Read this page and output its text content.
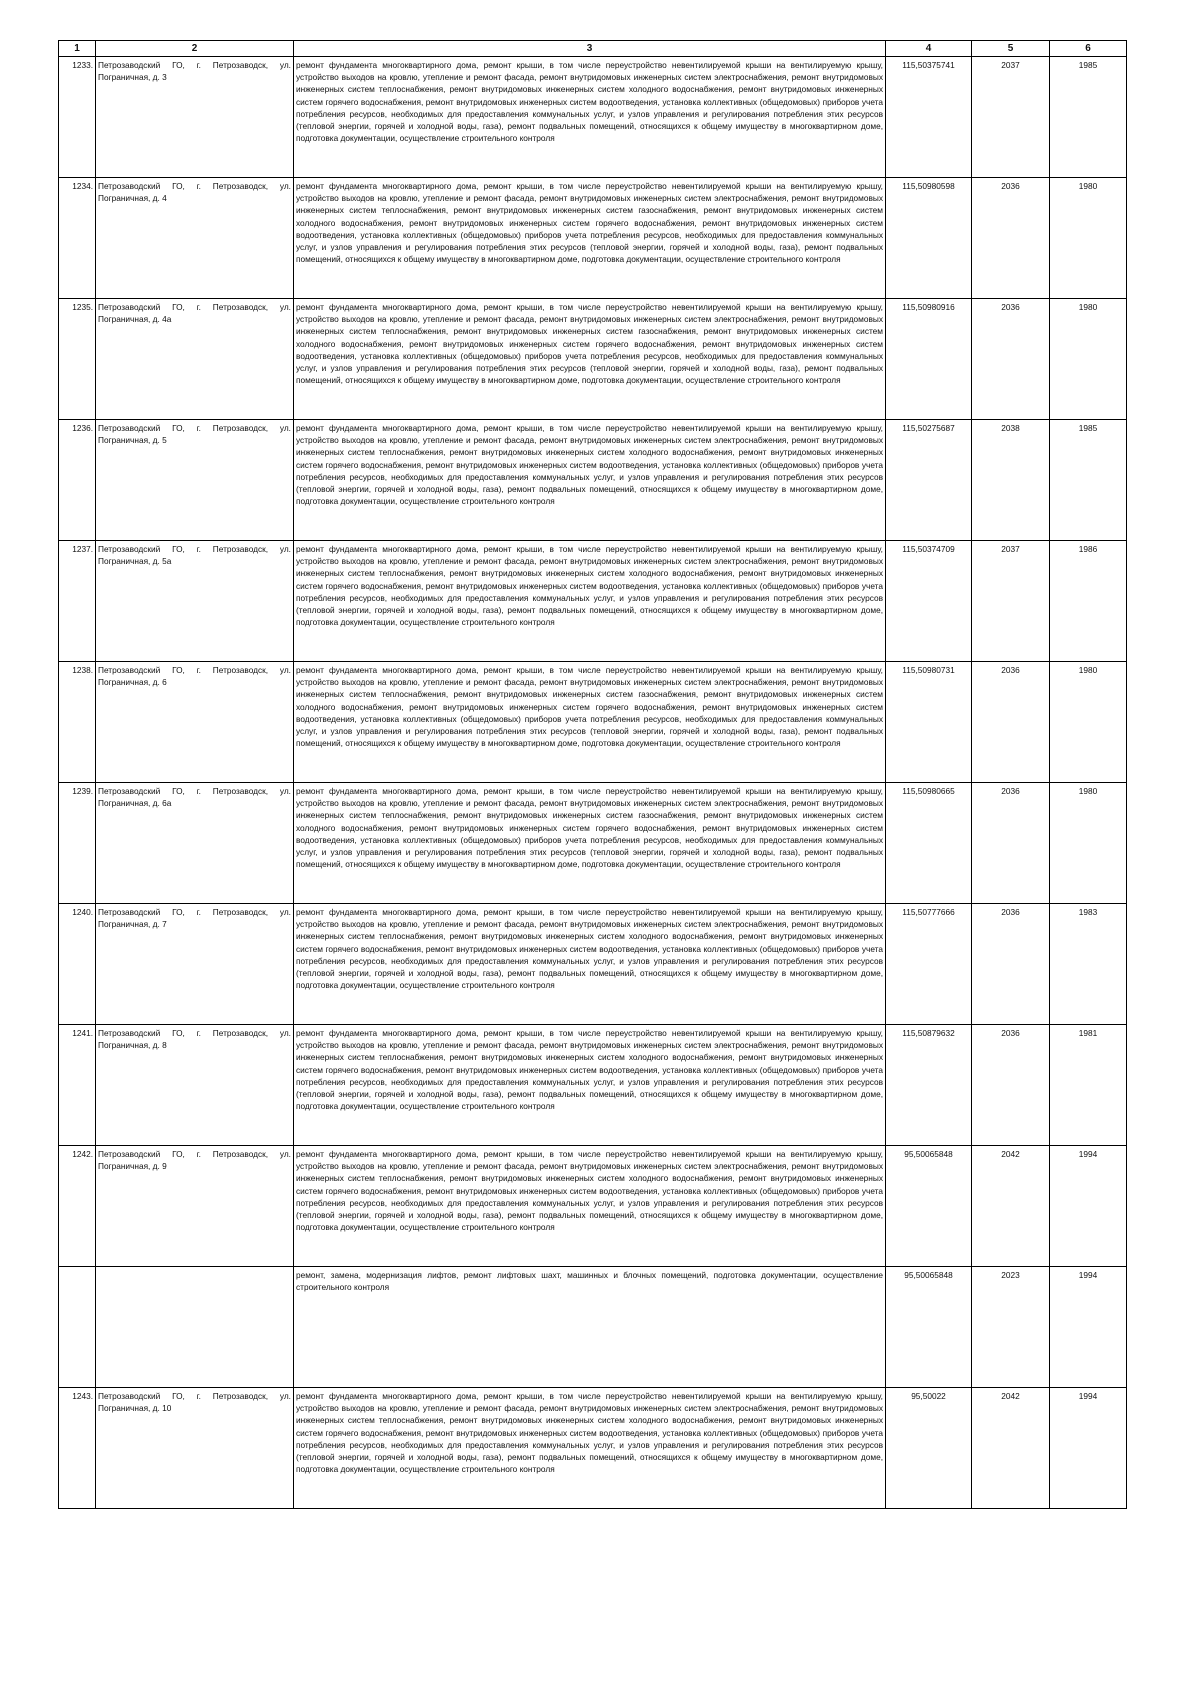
1	2	3	4	5	6
1233.	Петрозаводский ГО, г. Петрозаводск, ул. Пограничная, д. 3	ремонт фундамента многоквартирного дома, ремонт крыши, в том числе переустройство невентилируемой крыши на вентилируемую крышу, устройство выходов на кровлю, утепление и ремонт фасада, ремонт внутридомовых инженерных систем электроснабжения, ремонт внутридомовых инженерных систем теплоснабжения, ремонт внутридомовых инженерных систем холодного водоснабжения, ремонт внутридомовых инженерных систем горячего водоснабжения, ремонт внутридомовых инженерных систем водоотведения, установка коллективных (общедомовых) приборов учета потребления ресурсов, необходимых для предоставления коммунальных услуг, и узлов управления и регулирования потребления этих ресурсов (тепловой энергии, горячей и холодной воды, газа), ремонт подвальных помещений, относящихся к общему имуществу в многоквартирном доме, подготовка документации, осуществление строительного контроля	115,50375741	2037	1985
1234.	Петрозаводский ГО, г. Петрозаводск, ул. Пограничная, д. 4	ремонт фундамента многоквартирного дома, ремонт крыши, в том числе переустройство невентилируемой крыши на вентилируемую крышу, устройство выходов на кровлю, утепление и ремонт фасада, ремонт внутридомовых инженерных систем электроснабжения, ремонт внутридомовых инженерных систем теплоснабжения, ремонт внутридомовых инженерных систем газоснабжения, ремонт внутридомовых инженерных систем холодного водоснабжения, ремонт внутридомовых инженерных систем горячего водоснабжения, ремонт внутридомовых инженерных систем водоотведения, установка коллективных (общедомовых) приборов учета потребления ресурсов, необходимых для предоставления коммунальных услуг, и узлов управления и регулирования потребления этих ресурсов (тепловой энергии, горячей и холодной воды, газа), ремонт подвальных помещений, относящихся к общему имуществу в многоквартирном доме, подготовка документации, осуществление строительного контроля	115,50980598	2036	1980
1235.	Петрозаводский ГО, г. Петрозаводск, ул. Пограничная, д. 4а	ремонт фундамента многоквартирного дома, ремонт крыши, в том числе переустройство невентилируемой крыши на вентилируемую крышу, устройство выходов на кровлю, утепление и ремонт фасада, ремонт внутридомовых инженерных систем электроснабжения, ремонт внутридомовых инженерных систем теплоснабжения, ремонт внутридомовых инженерных систем газоснабжения, ремонт внутридомовых инженерных систем холодного водоснабжения, ремонт внутридомовых инженерных систем горячего водоснабжения, ремонт внутридомовых инженерных систем водоотведения, установка коллективных (общедомовых) приборов учета потребления ресурсов, необходимых для предоставления коммунальных услуг, и узлов управления и регулирования потребления этих ресурсов (тепловой энергии, горячей и холодной воды, газа), ремонт подвальных помещений, относящихся к общему имуществу в многоквартирном доме, подготовка документации, осуществление строительного контроля	115,50980916	2036	1980
1236.	Петрозаводский ГО, г. Петрозаводск, ул. Пограничная, д. 5	ремонт фундамента многоквартирного дома, ремонт крыши, в том числе переустройство невентилируемой крыши на вентилируемую крышу, устройство выходов на кровлю, утепление и ремонт фасада, ремонт внутридомовых инженерных систем электроснабжения, ремонт внутридомовых инженерных систем теплоснабжения, ремонт внутридомовых инженерных систем холодного водоснабжения, ремонт внутридомовых инженерных систем горячего водоснабжения, ремонт внутридомовых инженерных систем водоотведения, установка коллективных (общедомовых) приборов учета потребления ресурсов, необходимых для предоставления коммунальных услуг, и узлов управления и регулирования потребления этих ресурсов (тепловой энергии, горячей и холодной воды, газа), ремонт подвальных помещений, относящихся к общему имуществу в многоквартирном доме, подготовка документации, осуществление строительного контроля	115,50275687	2038	1985
1237.	Петрозаводский ГО, г. Петрозаводск, ул. Пограничная, д. 5а	ремонт фундамента многоквартирного дома, ремонт крыши, в том числе переустройство невентилируемой крыши на вентилируемую крышу, устройство выходов на кровлю, утепление и ремонт фасада, ремонт внутридомовых инженерных систем электроснабжения, ремонт внутридомовых инженерных систем теплоснабжения, ремонт внутридомовых инженерных систем холодного водоснабжения, ремонт внутридомовых инженерных систем горячего водоснабжения, ремонт внутридомовых инженерных систем водоотведения, установка коллективных (общедомовых) приборов учета потребления ресурсов, необходимых для предоставления коммунальных услуг, и узлов управления и регулирования потребления этих ресурсов (тепловой энергии, горячей и холодной воды, газа), ремонт подвальных помещений, относящихся к общему имуществу в многоквартирном доме, подготовка документации, осуществление строительного контроля	115,50374709	2037	1986
1238.	Петрозаводский ГО, г. Петрозаводск, ул. Пограничная, д. 6	ремонт фундамента многоквартирного дома, ремонт крыши, в том числе переустройство невентилируемой крыши на вентилируемую крышу, устройство выходов на кровлю, утепление и ремонт фасада, ремонт внутридомовых инженерных систем электроснабжения, ремонт внутридомовых инженерных систем теплоснабжения, ремонт внутридомовых инженерных систем газоснабжения, ремонт внутридомовых инженерных систем холодного водоснабжения, ремонт внутридомовых инженерных систем горячего водоснабжения, ремонт внутридомовых инженерных систем водоотведения, установка коллективных (общедомовых) приборов учета потребления ресурсов, необходимых для предоставления коммунальных услуг, и узлов управления и регулирования потребления этих ресурсов (тепловой энергии, горячей и холодной воды, газа), ремонт подвальных помещений, относящихся к общему имуществу в многоквартирном доме, подготовка документации, осуществление строительного контроля	115,50980731	2036	1980
1239.	Петрозаводский ГО, г. Петрозаводск, ул. Пограничная, д. 6а	ремонт фундамента многоквартирного дома, ремонт крыши, в том числе переустройство невентилируемой крыши на вентилируемую крышу, устройство выходов на кровлю, утепление и ремонт фасада, ремонт внутридомовых инженерных систем электроснабжения, ремонт внутридомовых инженерных систем теплоснабжения, ремонт внутридомовых инженерных систем газоснабжения, ремонт внутридомовых инженерных систем холодного водоснабжения, ремонт внутридомовых инженерных систем горячего водоснабжения, ремонт внутридомовых инженерных систем водоотведения, установка коллективных (общедомовых) приборов учета потребления ресурсов, необходимых для предоставления коммунальных услуг, и узлов управления и регулирования потребления этих ресурсов (тепловой энергии, горячей и холодной воды, газа), ремонт подвальных помещений, относящихся к общему имуществу в многоквартирном доме, подготовка документации, осуществление строительного контроля	115,50980665	2036	1980
1240.	Петрозаводский ГО, г. Петрозаводск, ул. Пограничная, д. 7	ремонт фундамента многоквартирного дома, ремонт крыши, в том числе переустройство невентилируемой крыши на вентилируемую крышу, устройство выходов на кровлю, утепление и ремонт фасада, ремонт внутридомовых инженерных систем электроснабжения, ремонт внутридомовых инженерных систем теплоснабжения, ремонт внутридомовых инженерных систем холодного водоснабжения, ремонт внутридомовых инженерных систем горячего водоснабжения, ремонт внутридомовых инженерных систем водоотведения, установка коллективных (общедомовых) приборов учета потребления ресурсов, необходимых для предоставления коммунальных услуг, и узлов управления и регулирования потребления этих ресурсов (тепловой энергии, горячей и холодной воды, газа), ремонт подвальных помещений, относящихся к общему имуществу в многоквартирном доме, подготовка документации, осуществление строительного контроля	115,50777666	2036	1983
1241.	Петрозаводский ГО, г. Петрозаводск, ул. Пограничная, д. 8	ремонт фундамента многоквартирного дома, ремонт крыши, в том числе переустройство невентилируемой крыши на вентилируемую крышу, устройство выходов на кровлю, утепление и ремонт фасада, ремонт внутридомовых инженерных систем электроснабжения, ремонт внутридомовых инженерных систем теплоснабжения, ремонт внутридомовых инженерных систем холодного водоснабжения, ремонт внутридомовых инженерных систем горячего водоснабжения, ремонт внутридомовых инженерных систем водоотведения, установка коллективных (общедомовых) приборов учета потребления ресурсов, необходимых для предоставления коммунальных услуг, и узлов управления и регулирования потребления этих ресурсов (тепловой энергии, горячей и холодной воды, газа), ремонт подвальных помещений, относящихся к общему имуществу в многоквартирном доме, подготовка документации, осуществление строительного контроля	115,50879632	2036	1981
1242.	Петрозаводский ГО, г. Петрозаводск, ул. Пограничная, д. 9	ремонт фундамента многоквартирного дома, ремонт крыши, в том числе переустройство невентилируемой крыши на вентилируемую крышу, устройство выходов на кровлю, утепление и ремонт фасада, ремонт внутридомовых инженерных систем электроснабжения, ремонт внутридомовых инженерных систем теплоснабжения, ремонт внутридомовых инженерных систем холодного водоснабжения, ремонт внутридомовых инженерных систем горячего водоснабжения, ремонт внутридомовых инженерных систем водоотведения, установка коллективных (общедомовых) приборов учета потребления ресурсов, необходимых для предоставления коммунальных услуг, и узлов управления и регулирования потребления этих ресурсов (тепловой энергии, горячей и холодной воды, газа), ремонт подвальных помещений, относящихся к общему имуществу в многоквартирном доме, подготовка документации, осуществление строительного контроля	95,50065848	2042	1994
		ремонт, замена, модернизация лифтов, ремонт лифтовых шахт, машинных и блочных помещений, подготовка документации, осуществление строительного контроля	95,50065848	2023	1994
1243.	Петрозаводский ГО, г. Петрозаводск, ул. Пограничная, д. 10	ремонт фундамента многоквартирного дома, ремонт крыши, в том числе переустройство невентилируемой крыши на вентилируемую крышу, устройство выходов на кровлю, утепление и ремонт фасада, ремонт внутридомовых инженерных систем электроснабжения, ремонт внутридомовых инженерных систем теплоснабжения, ремонт внутридомовых инженерных систем холодного водоснабжения, ремонт внутридомовых инженерных систем горячего водоснабжения, ремонт внутридомовых инженерных систем водоотведения, установка коллективных (общедомовых) приборов учета потребления ресурсов, необходимых для предоставления коммунальных услуг, и узлов управления и регулирования потребления этих ресурсов (тепловой энергии, горячей и холодной воды, газа), ремонт подвальных помещений, относящихся к общему имуществу в многоквартирном доме, подготовка документации, осуществление строительного контроля	95,50022	2042	1994
